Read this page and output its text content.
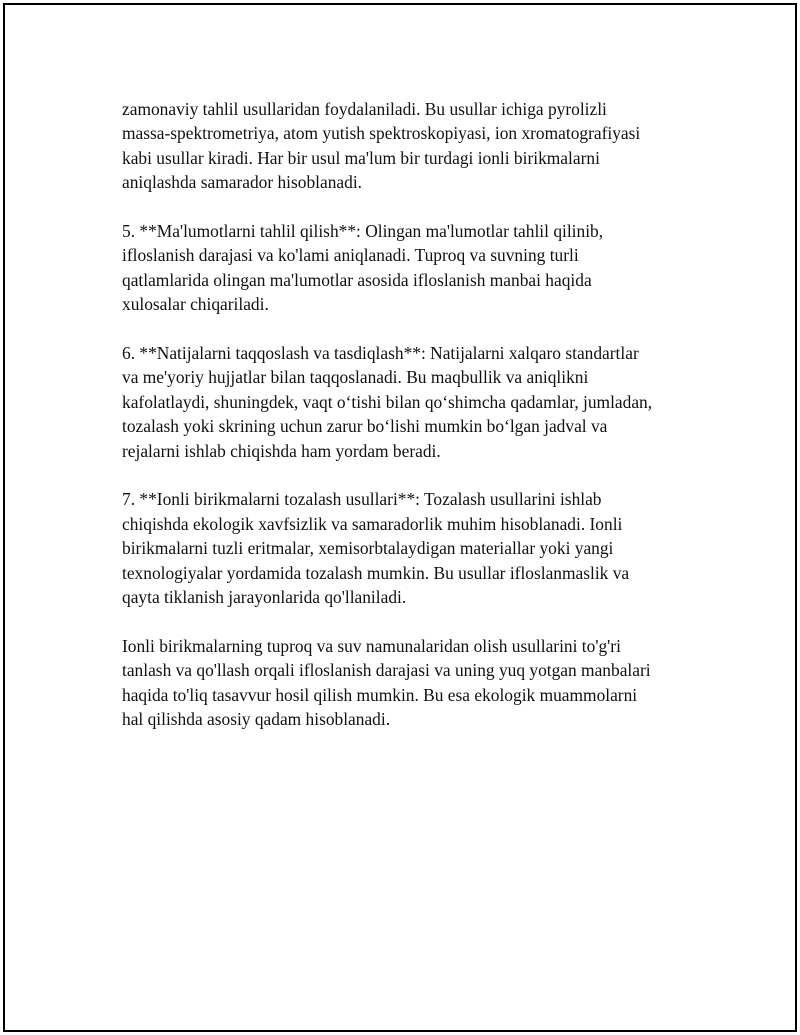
zamonaviy tahlil usullaridan foydalaniladi. Bu usullar ichiga pyrolizli
massa-spektrometriya, atom yutish spektroskopiyasi, ion xromatografiyasi
kabi usullar kiradi. Har bir usul ma'lum bir turdagi ionli birikmalarni
aniqlashda samarador hisoblanadi.

5. **Ma'lumotlarni tahlil qilish**: Olingan ma'lumotlar tahlil qilinib,
ifloslanish darajasi va ko'lami aniqlanadi. Tuproq va suvning turli
qatlamlarida olingan ma'lumotlar asosida ifloslanish manbai haqida
xulosalar chiqariladi.

6. **Natijalarni taqqoslash va tasdiqlash**: Natijalarni xalqaro standartlar
va me'yoriy hujjatlar bilan taqqoslanadi. Bu maqbullik va aniqlikni
kafolatlaydi, shuningdek, vaqt o‘tishi bilan qo‘shimcha qadamlar, jumladan,
tozalash yoki skrining uchun zarur bo‘lishi mumkin bo‘lgan jadval va
rejalarni ishlab chiqishda ham yordam beradi.

7. **Ionli birikmalarni tozalash usullari**: Tozalash usullarini ishlab
chiqishda ekologik xavfsizlik va samaradorlik muhim hisoblanadi. Ionli
birikmalarni tuzli eritmalar, xemisorbtalaydigan materiallar yoki yangi
texnologiyalar yordamida tozalash mumkin. Bu usullar ifloslanmaslik va
qayta tiklanish jarayonlarida qo'llaniladi.

Ionli birikmalarning tuproq va suv namunalaridan olish usullarini to'g'ri
tanlash va qo'llash orqali ifloslanish darajasi va uning yuq yotgan manbalari
haqida to'liq tasavvur hosil qilish mumkin. Bu esa ekologik muammolarni
hal qilishda asosiy qadam hisoblanadi.
